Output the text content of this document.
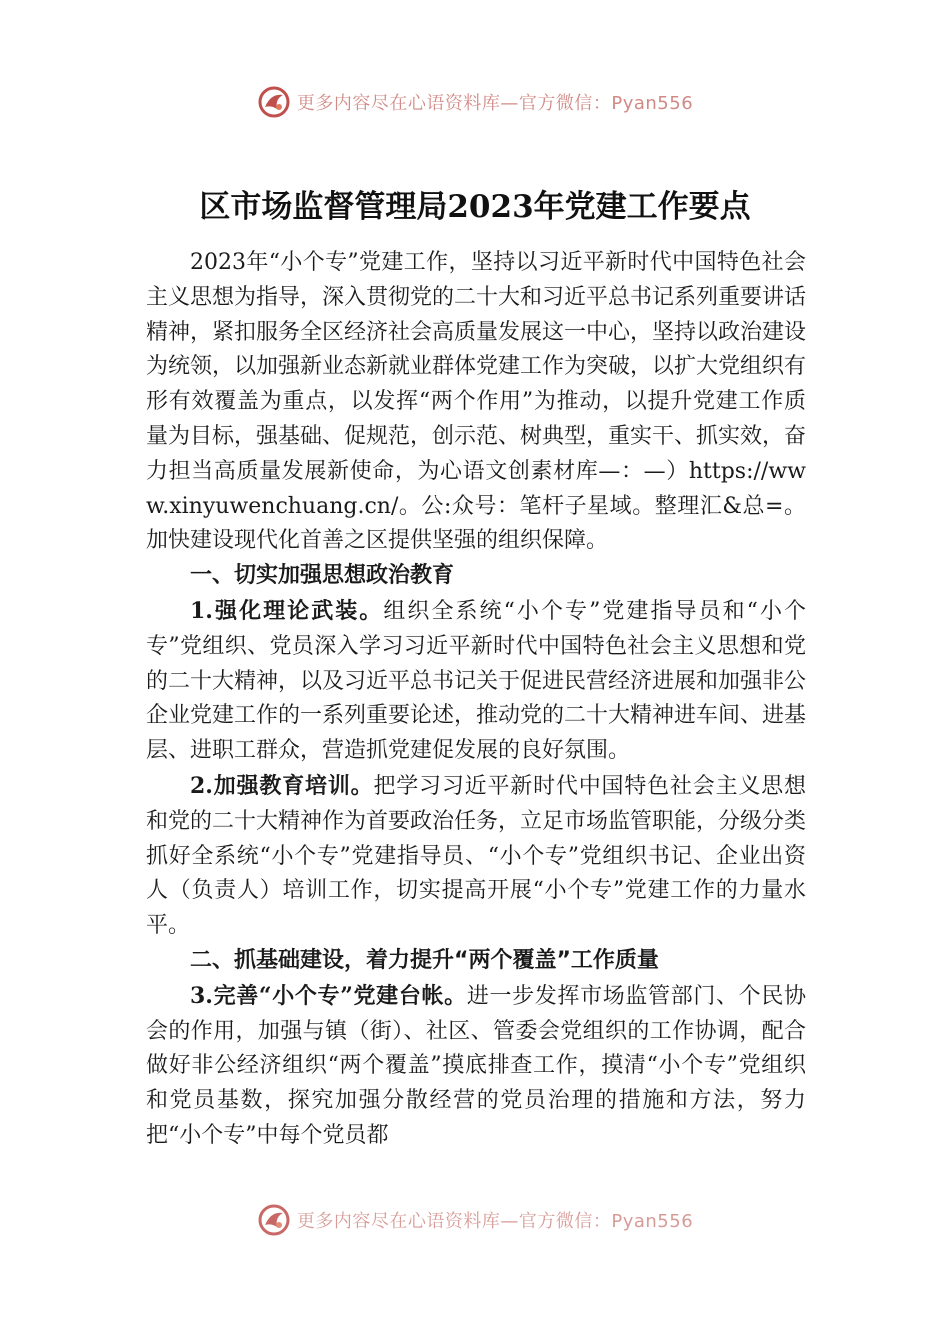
更多内容尽在心语资料库—官方微信：Pyan556
区市场监督管理局2023年党建工作要点

2023年“小个专”党建工作，坚持以习近平新时代中国特色社会主义思想为指导，深入贯彻党的二十大和习近平总书记系列重要讲话精神，紧扣服务全区经济社会高质量发展这一中心，坚持以政治建设为统领，以加强新业态新就业群体党建工作为突破，以扩大党组织有形有效覆盖为重点，以发挥“两个作用”为推动，以提升党建工作质量为目标，强基础、促规范，创示范、树典型，重实干、抓实效，奋力担当高质量发展新使命，为心语文创素材库—：—）https://www.xinyuwenchuang.cn/。公:众号：笔杆子星域。整理汇&总=。加快建设现代化首善之区提供坚强的组织保障。

一、切实加强思想政治教育

1.强化理论武装。组织全系统“小个专”党建指导员和“小个专”党组织、党员深入学习习近平新时代中国特色社会主义思想和党的二十大精神，以及习近平总书记关于促进民营经济进展和加强非公企业党建工作的一系列重要论述，推动党的二十大精神进车间、进基层、进职工群众，营造抓党建促发展的良好氛围。

2.加强教育培训。把学习习近平新时代中国特色社会主义思想和党的二十大精神作为首要政治任务，立足市场监管职能，分级分类抓好全系统“小个专”党建指导员、“小个专”党组织书记、企业出资人（负责人）培训工作，切实提高开展“小个专”党建工作的力量水平。

二、抓基础建设，着力提升“两个覆盖”工作质量

3.完善“小个专”党建台帐。进一步发挥市场监管部门、个民协会的作用，加强与镇（街）、社区、管委会党组织的工作协调，配合做好非公经济组织“两个覆盖”摸底排查工作，摸清“小个专”党组织和党员基数，探究加强分散经营的党员治理的措施和方法，努力把“小个专”中每个党员都

更多内容尽在心语资料库—官方微信：Pyan556
